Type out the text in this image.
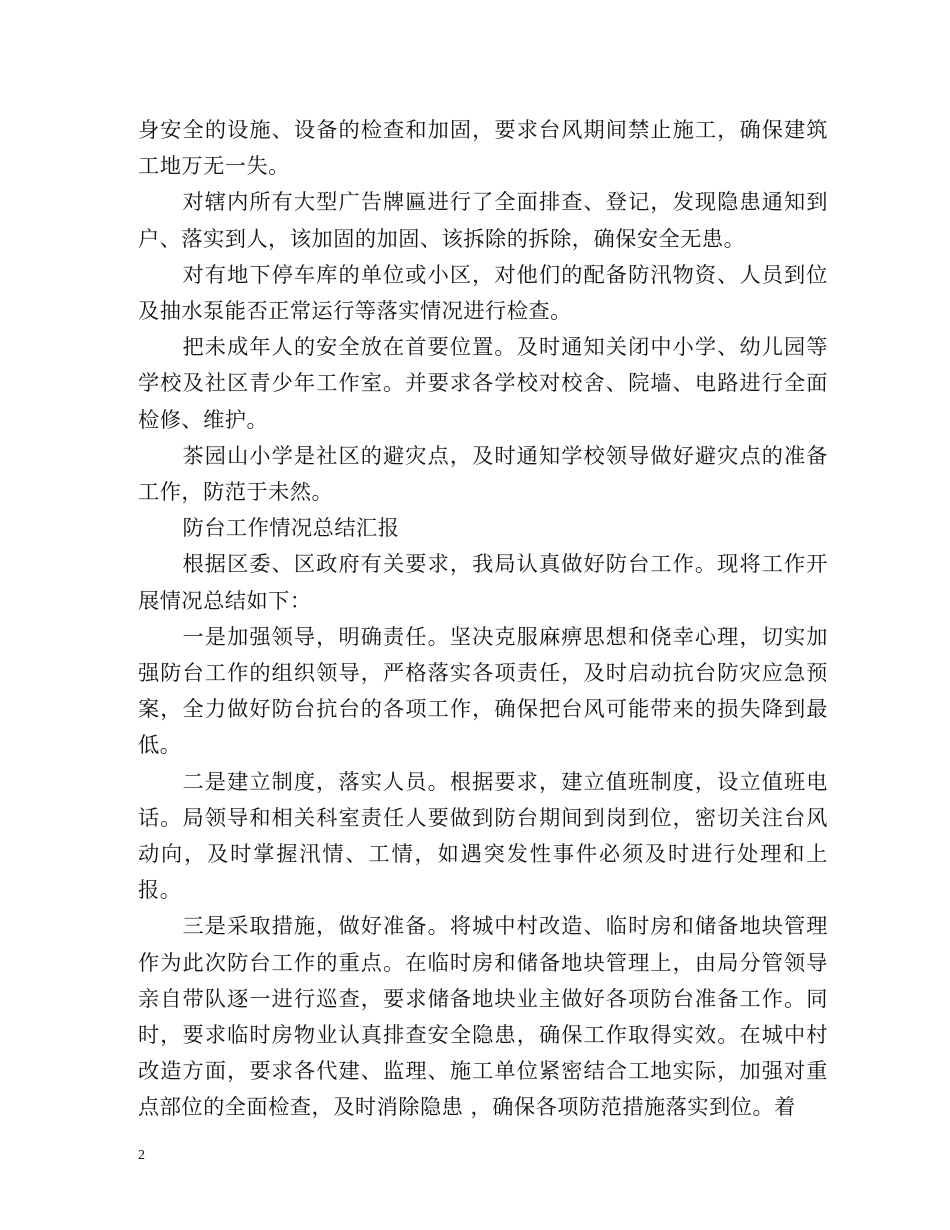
身安全的设施、设备的检查和加固，要求台风期间禁止施工，确保建筑工地万无一失。

对辖内所有大型广告牌匾进行了全面排查、登记，发现隐患通知到户、落实到人，该加固的加固、该拆除的拆除，确保安全无患。

对有地下停车库的单位或小区，对他们的配备防汛物资、人员到位及抽水泵能否正常运行等落实情况进行检查。

把未成年人的安全放在首要位置。及时通知关闭中小学、幼儿园等学校及社区青少年工作室。并要求各学校对校舍、院墙、电路进行全面检修、维护。

茶园山小学是社区的避灾点，及时通知学校领导做好避灾点的准备工作，防范于未然。

防台工作情况总结汇报

根据区委、区政府有关要求，我局认真做好防台工作。现将工作开展情况总结如下：

一是加强领导，明确责任。坚决克服麻痹思想和侥幸心理，切实加强防台工作的组织领导，严格落实各项责任，及时启动抗台防灾应急预案，全力做好防台抗台的各项工作，确保把台风可能带来的损失降到最低。

二是建立制度，落实人员。根据要求，建立值班制度，设立值班电话。局领导和相关科室责任人要做到防台期间到岗到位，密切关注台风动向，及时掌握汛情、工情，如遇突发性事件必须及时进行处理和上报。

三是采取措施，做好准备。将城中村改造、临时房和储备地块管理作为此次防台工作的重点。在临时房和储备地块管理上，由局分管领导亲自带队逐一进行巡查，要求储备地块业主做好各项防台准备工作。同时，要求临时房物业认真排查安全隐患，确保工作取得实效。在城中村改造方面，要求各代建、监理、施工单位紧密结合工地实际，加强对重点部位的全面检查，及时消除隐患 ，确保各项防范措施落实到位。着

2
